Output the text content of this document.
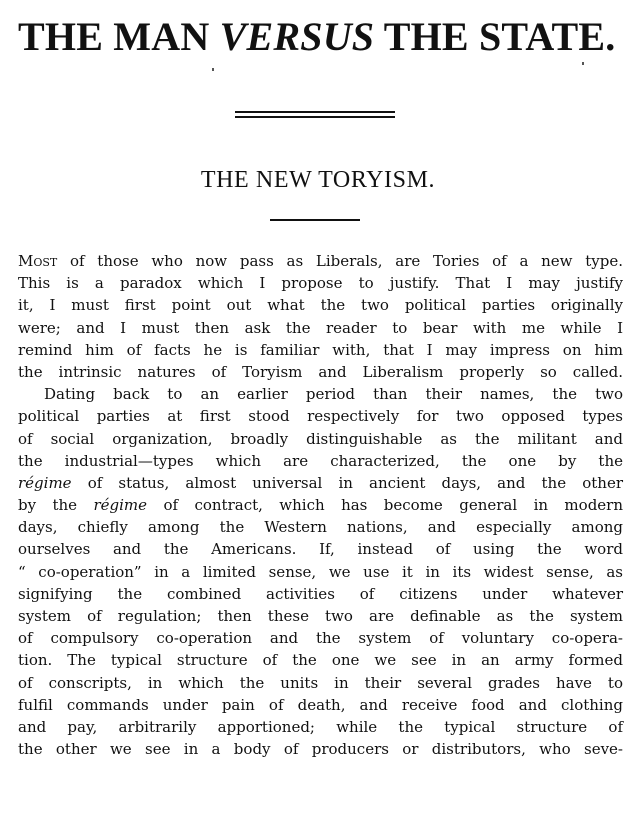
THE MAN VERSUS THE STATE.
THE NEW TORYISM.
Most of those who now pass as Liberals, are Tories of a new type.
This is a paradox which I propose to justify. That I may justify
it, I must first point out what the two political parties originally
were; and I must then ask the reader to bear with me while I
remind him of facts he is familiar with, that I may impress on him
the intrinsic natures of Toryism and Liberalism properly so called.
Dating back to an earlier period than their names, the two
political parties at first stood respectively for two opposed types
of social organization, broadly distinguishable as the militant and
the industrial—types which are characterized, the one by the
régime of status, almost universal in ancient days, and the other
by the régime of contract, which has become general in modern
days, chiefly among the Western nations, and especially among
ourselves and the Americans. If, instead of using the word
“ co-operation” in a limited sense, we use it in its widest sense, as
signifying the combined activities of citizens under whatever
system of regulation; then these two are definable as the system
of compulsory co-operation and the system of voluntary co-opera-
tion. The typical structure of the one we see in an army formed
of conscripts, in which the units in their several grades have to
fulfil commands under pain of death, and receive food and clothing
and pay, arbitrarily apportioned; while the typical structure of
the other we see in a body of producers or distributors, who seve-
